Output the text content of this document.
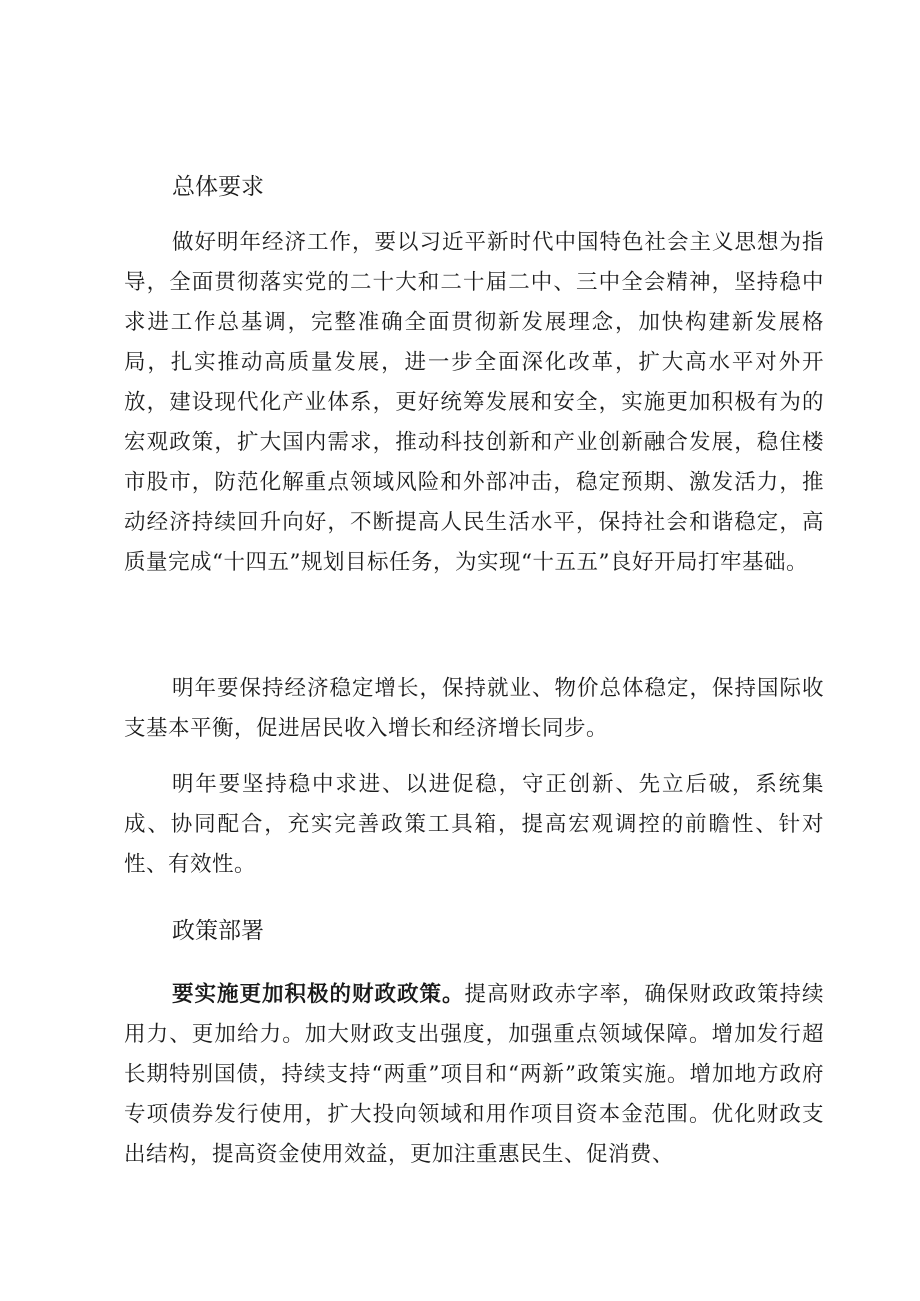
总体要求

做好明年经济工作，要以习近平新时代中国特色社会主义思想为指导，全面贯彻落实党的二十大和二十届二中、三中全会精神，坚持稳中求进工作总基调，完整准确全面贯彻新发展理念，加快构建新发展格局，扎实推动高质量发展，进一步全面深化改革，扩大高水平对外开放，建设现代化产业体系，更好统筹发展和安全，实施更加积极有为的宏观政策，扩大国内需求，推动科技创新和产业创新融合发展，稳住楼市股市，防范化解重点领域风险和外部冲击，稳定预期、激发活力，推动经济持续回升向好，不断提高人民生活水平，保持社会和谐稳定，高质量完成“十四五”规划目标任务，为实现“十五五”良好开局打牢基础。

明年要保持经济稳定增长，保持就业、物价总体稳定，保持国际收支基本平衡，促进居民收入增长和经济增长同步。

明年要坚持稳中求进、以进促稳，守正创新、先立后破，系统集成、协同配合，充实完善政策工具箱，提高宏观调控的前瞻性、针对性、有效性。

政策部署

要实施更加积极的财政政策。提高财政赤字率，确保财政政策持续用力、更加给力。加大财政支出强度，加强重点领域保障。增加发行超长期特别国债，持续支持“两重”项目和“两新”政策实施。增加地方政府专项债券发行使用，扩大投向领域和用作项目资本金范围。优化财政支出结构，提高资金使用效益，更加注重惠民生、促消费、
